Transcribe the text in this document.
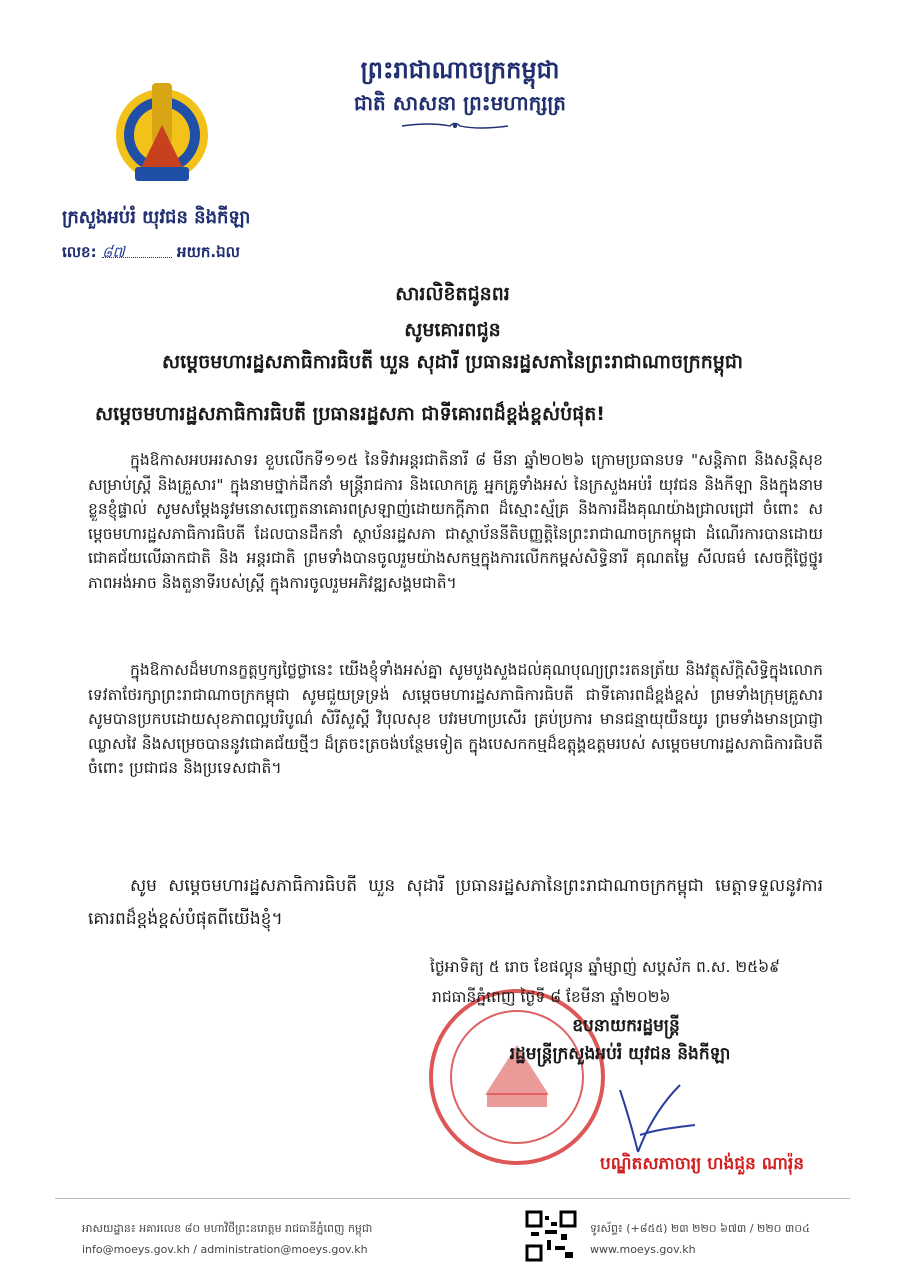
ព្រះរាជាណាចក្រកម្ពុជា
ជាតិ សាសនា ព្រះមហាក្សត្រ
ក្រសួងអប់រំ យុវជន និងកីឡា
លេខ: ៨៧	អយក.ឯល
សារលិខិតជូនពរ
សូមគោរពជូន
សម្តេចមហារដ្ឋសភាធិការធិបតី ឃួន សុដារី ប្រធានរដ្ឋសភានៃព្រះរាជាណាចក្រកម្ពុជា
សម្តេចមហារដ្ឋសភាធិការធិបតី ប្រធានរដ្ឋសភា ជាទីគោរពដ៏ខ្ពង់ខ្ពស់បំផុត!
ក្នុងឱកាសអបអរសាទរ ខួបលើកទី១១៥ នៃទិវាអន្តរជាតិនារី ៨ មីនា ឆ្នាំ២០២៦ ក្រោមប្រធានបទ "សន្តិភាព និងសន្តិសុខសម្រាប់ស្ត្រី និងគ្រួសារ" ក្នុងនាមថ្នាក់ដឹកនាំ មន្ត្រីរាជការ និងលោកគ្រូ អ្នកគ្រូទាំងអស់ នៃក្រសួងអប់រំ យុវជន និងកីឡា និងក្នុងនាមខ្លួនខ្ញុំផ្ទាល់ សូមសម្តែងនូវមនោសញ្ចេតនាគោរពស្រឡាញ់ដោយកក្តីភាព ដ៏ស្មោះស្ម័គ្រ និងការដឹងគុណយ៉ាងជ្រាលជ្រៅ ចំពោះ សម្តេចមហារដ្ឋសភាធិការធិបតី ដែលបានដឹកនាំ ស្ថាប័នរដ្ឋសភា ជាស្ថាប័ននីតិបញ្ញត្តិនៃព្រះរាជាណាចក្រកម្ពុជា ដំណើរការបានដោយជោគជ័យលើឆាកជាតិ និង អន្តរជាតិ ព្រមទាំងបានចូលរួមយ៉ាងសកម្មក្នុងការលើកកម្ពស់សិទ្ធិនារី គុណតម្លៃ សីលធម៌ សេចក្តីថ្លៃថ្នូរ ភាពអង់អាច និងតួនាទីរបស់ស្ត្រី ក្នុងការចូលរួមអភិវឌ្ឍសង្គមជាតិ។
ក្នុងឱកាសដ៏មហានក្ខត្តឫក្សថ្លៃថ្លានេះ យើងខ្ញុំទាំងអស់គ្នា សូមបួងសួងដល់គុណបុណ្យព្រះរតនត្រ័យ និងវត្ថុស័ក្តិសិទ្ធិក្នុងលោក ទេវតាថែរក្សាព្រះរាជាណាចក្រកម្ពុជា សូមជួយទ្រទ្រង់ សម្តេចមហារដ្ឋសភាធិការធិបតី ជាទីគោរពដ៏ខ្ពង់ខ្ពស់ ព្រមទាំងក្រុមគ្រួសារ សូមបានប្រកបដោយសុខភាពល្អបរិបូណ៌ សិរីសួស្តី វិបុលសុខ បវរមហាប្រសើរ គ្រប់ប្រការ មានជន្មាយុយឺនយូរ ព្រមទាំងមានប្រាជ្ញាឈ្លាសវៃ និងសម្រេចបាននូវជោគជ័យថ្មីៗ ដ៏ត្រចះត្រចង់បន្ថែមទៀត ក្នុងបេសកកម្មដ៏ឧត្តុង្គឧត្តមរបស់ សម្តេចមហារដ្ឋសភាធិការធិបតី ចំពោះ ប្រជាជន និងប្រទេសជាតិ។
សូម សម្តេចមហារដ្ឋសភាធិការធិបតី ឃួន សុដារី ប្រធានរដ្ឋសភានៃព្រះរាជាណាចក្រកម្ពុជា មេត្តាទទួលនូវការគោរពដ៏ខ្ពង់ខ្ពស់បំផុតពីយើងខ្ញុំ។
ថ្ងៃអាទិត្យ ៥ រោច ខែផល្គុន ឆ្នាំម្សាញ់ សប្តស័ក ព.ស. ២៥៦៩
រាជធានីភ្នំពេញ ថ្ងៃទី ៨ ខែមីនា ឆ្នាំ២០២៦
ឧបនាយករដ្ឋមន្ត្រី
រដ្ឋមន្ត្រីក្រសួងអប់រំ យុវជន និងកីឡា
បណ្ឌិតសភាចារ្យ ហង់ជួន ណារ៉ុន
អាសយដ្ឋាន៖ អគារលេខ ៨០ មហាវិថីព្រះនរោត្តម រាជធានីភ្នំពេញ កម្ពុជា
info@moeys.gov.kh / administration@moeys.gov.kh
ទូរស័ព្ទ៖ (+៨៥៥) ២៣ ២២០ ៦៧៣ / ២២០ ៣០៤
www.moeys.gov.kh
